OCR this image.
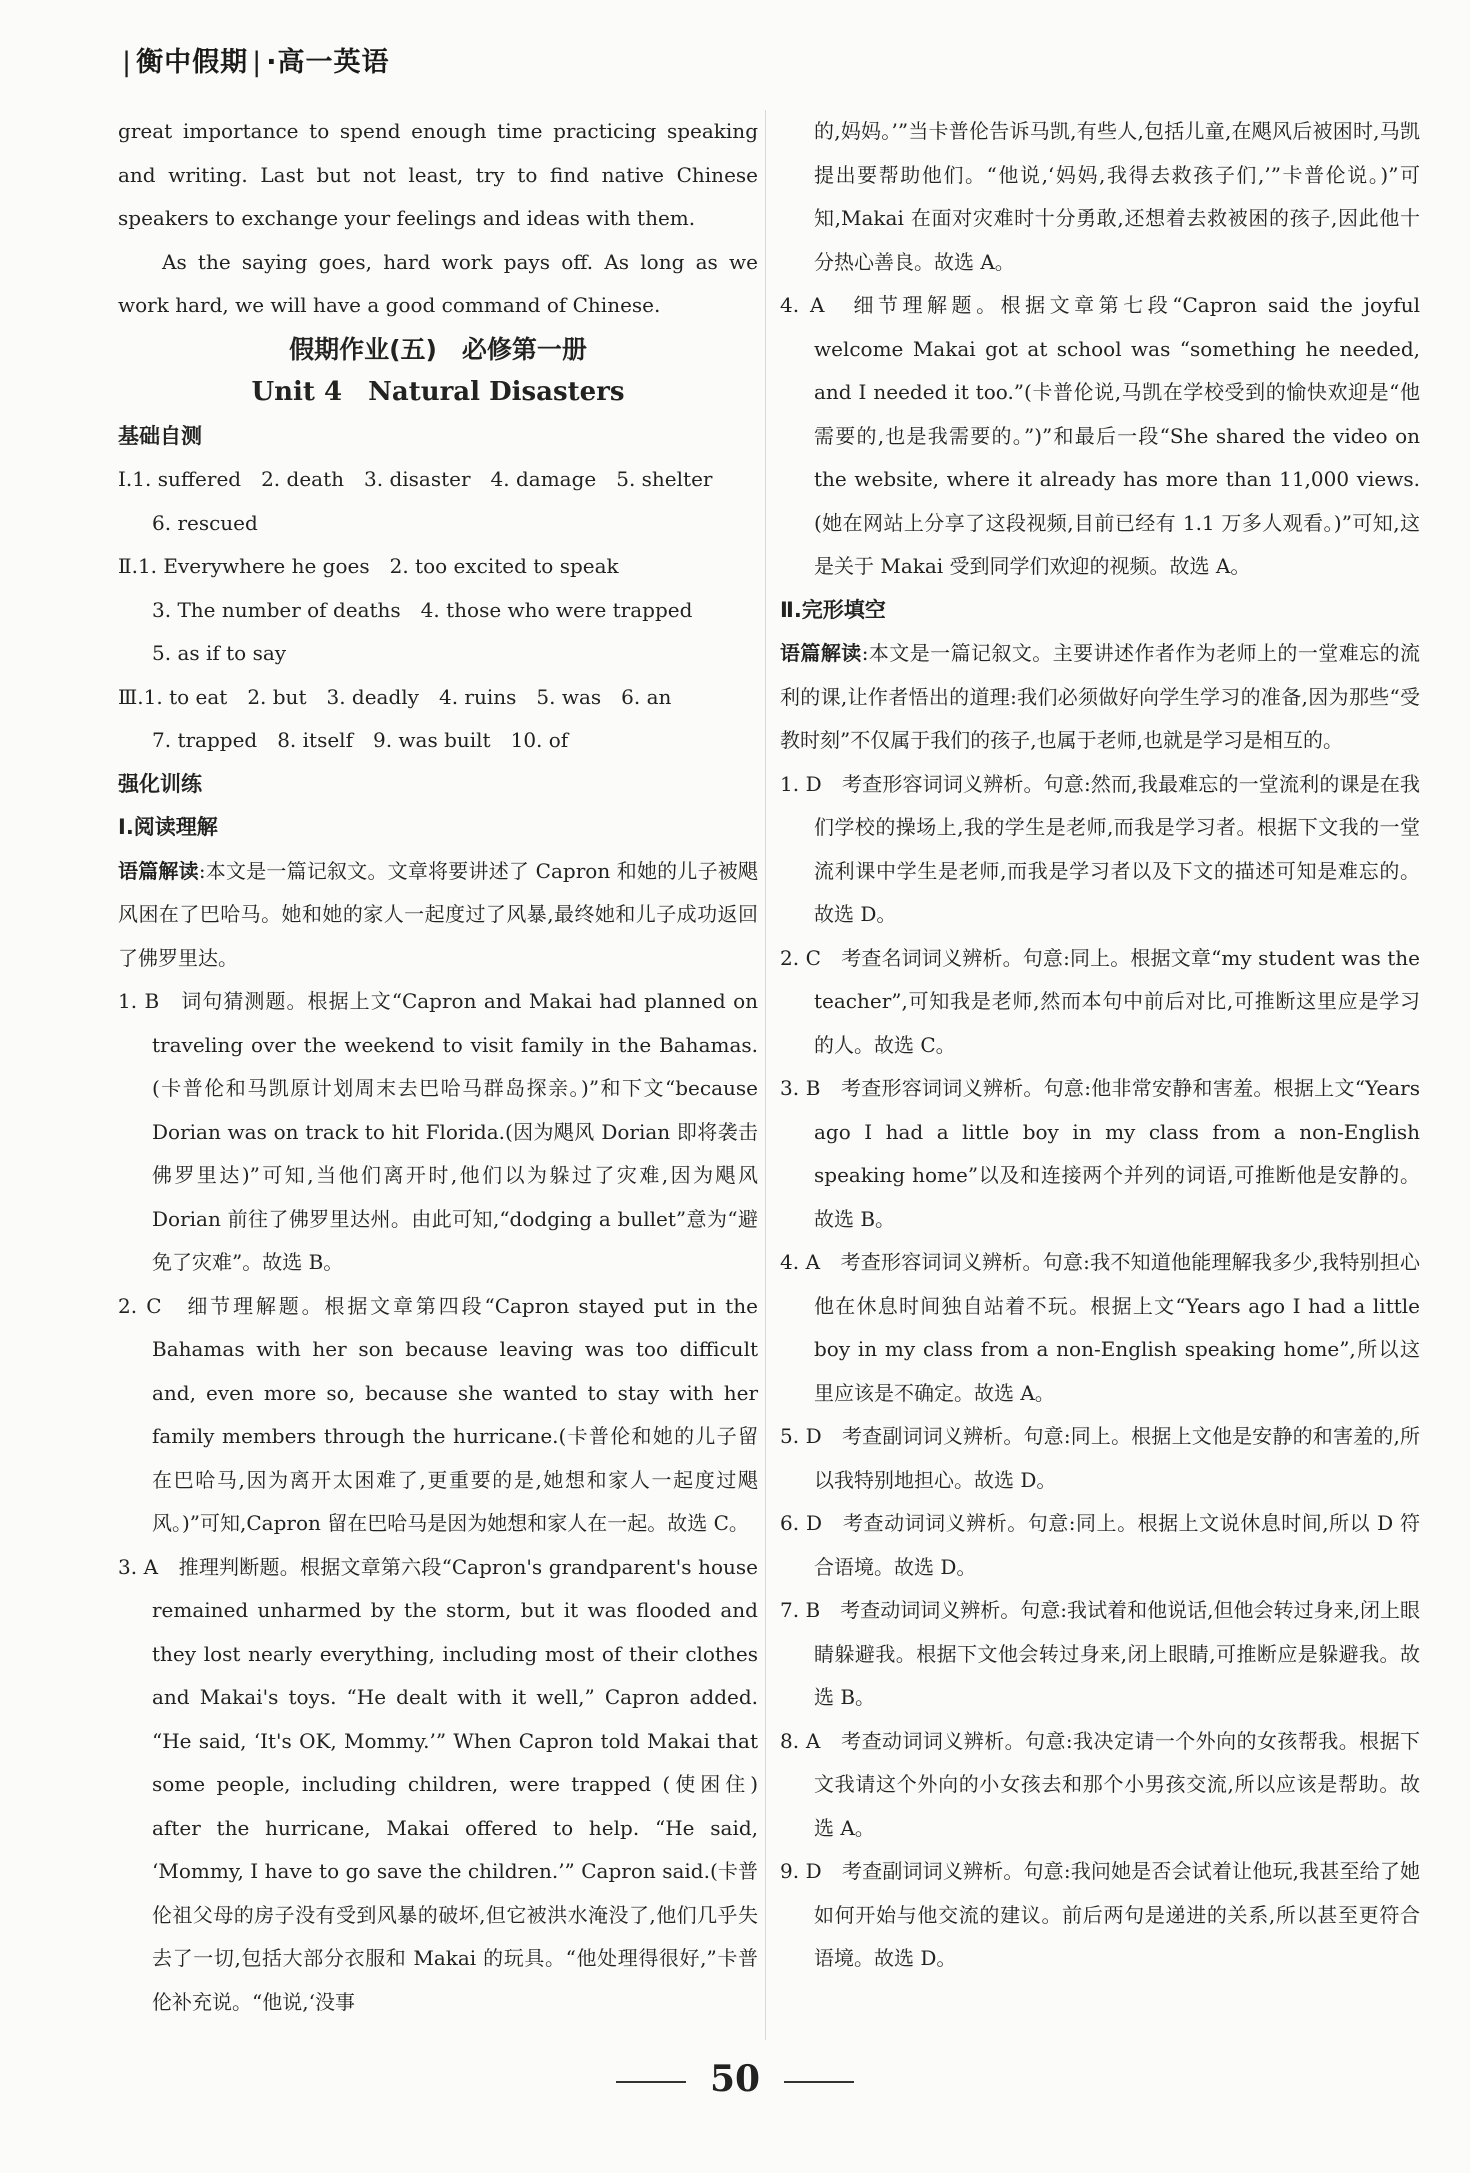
| 衡中假期 | ·高一英语

great importance to spend enough time practicing speaking and writing. Last but not least, try to find native Chinese speakers to exchange your feelings and ideas with them.

As the saying goes, hard work pays off. As long as we work hard, we will have a good command of Chinese.

假期作业(五)　必修第一册

Unit 4　Natural Disasters

基础自测

Ⅰ.1. suffered　2. death　3. disaster　4. damage　5. shelter

6. rescued

Ⅱ.1. Everywhere he goes　2. too excited to speak

3. The number of deaths　4. those who were trapped

5. as if to say

Ⅲ.1. to eat　2. but　3. deadly　4. ruins　5. was　6. an

7. trapped　8. itself　9. was built　10. of

强化训练

Ⅰ.阅读理解

语篇解读:本文是一篇记叙文。文章将要讲述了 Capron 和她的儿子被飓风困在了巴哈马。她和她的家人一起度过了风暴,最终她和儿子成功返回了佛罗里达。

1. B　词句猜测题。根据上文“Capron and Makai had planned on traveling over the weekend to visit family in the Bahamas.(卡普伦和马凯原计划周末去巴哈马群岛探亲。)”和下文“because Dorian was on track to hit Florida.(因为飓风 Dorian 即将袭击佛罗里达)”可知,当他们离开时,他们以为躲过了灾难,因为飓风 Dorian 前往了佛罗里达州。由此可知,“dodging a bullet”意为“避免了灾难”。故选 B。

2. C　细节理解题。根据文章第四段“Capron stayed put in the Bahamas with her son because leaving was too difficult and, even more so, because she wanted to stay with her family members through the hurricane.(卡普伦和她的儿子留在巴哈马,因为离开太困难了,更重要的是,她想和家人一起度过飓风。)”可知,Capron 留在巴哈马是因为她想和家人在一起。故选 C。

3. A　推理判断题。根据文章第六段“Capron's grandparent's house remained unharmed by the storm, but it was flooded and they lost nearly everything, including most of their clothes and Makai's toys. “He dealt with it well,” Capron added. “He said, ‘It's OK, Mommy.’” When Capron told Makai that some people, including children, were trapped (使困住) after the hurricane, Makai offered to help. “He said, ‘Mommy, I have to go save the children.’” Capron said.(卡普伦祖父母的房子没有受到风暴的破坏,但它被洪水淹没了,他们几乎失去了一切,包括大部分衣服和 Makai 的玩具。“他处理得很好,”卡普伦补充说。“他说,‘没事

的,妈妈。’”当卡普伦告诉马凯,有些人,包括儿童,在飓风后被困时,马凯提出要帮助他们。“他说,‘妈妈,我得去救孩子们,’”卡普伦说。)”可知,Makai 在面对灾难时十分勇敢,还想着去救被困的孩子,因此他十分热心善良。故选 A。

4. A　细节理解题。根据文章第七段“Capron said the joyful welcome Makai got at school was “something he needed, and I needed it too.”(卡普伦说,马凯在学校受到的愉快欢迎是“他需要的,也是我需要的。”)”和最后一段“She shared the video on the website, where it already has more than 11,000 views.(她在网站上分享了这段视频,目前已经有 1.1 万多人观看。)”可知,这是关于 Makai 受到同学们欢迎的视频。故选 A。

Ⅱ.完形填空

语篇解读:本文是一篇记叙文。主要讲述作者作为老师上的一堂难忘的流利的课,让作者悟出的道理:我们必须做好向学生学习的准备,因为那些“受教时刻”不仅属于我们的孩子,也属于老师,也就是学习是相互的。

1. D　考查形容词词义辨析。句意:然而,我最难忘的一堂流利的课是在我们学校的操场上,我的学生是老师,而我是学习者。根据下文我的一堂流利课中学生是老师,而我是学习者以及下文的描述可知是难忘的。故选 D。

2. C　考查名词词义辨析。句意:同上。根据文章“my student was the teacher”,可知我是老师,然而本句中前后对比,可推断这里应是学习的人。故选 C。

3. B　考查形容词词义辨析。句意:他非常安静和害羞。根据上文“Years ago I had a little boy in my class from a non-English speaking home”以及和连接两个并列的词语,可推断他是安静的。故选 B。

4. A　考查形容词词义辨析。句意:我不知道他能理解我多少,我特别担心他在休息时间独自站着不玩。根据上文“Years ago I had a little boy in my class from a non-English speaking home”,所以这里应该是不确定。故选 A。

5. D　考查副词词义辨析。句意:同上。根据上文他是安静的和害羞的,所以我特别地担心。故选 D。

6. D　考查动词词义辨析。句意:同上。根据上文说休息时间,所以 D 符合语境。故选 D。

7. B　考查动词词义辨析。句意:我试着和他说话,但他会转过身来,闭上眼睛躲避我。根据下文他会转过身来,闭上眼睛,可推断应是躲避我。故选 B。

8. A　考查动词词义辨析。句意:我决定请一个外向的女孩帮我。根据下文我请这个外向的小女孩去和那个小男孩交流,所以应该是帮助。故选 A。

9. D　考查副词词义辨析。句意:我问她是否会试着让他玩,我甚至给了她如何开始与他交流的建议。前后两句是递进的关系,所以甚至更符合语境。故选 D。

50
